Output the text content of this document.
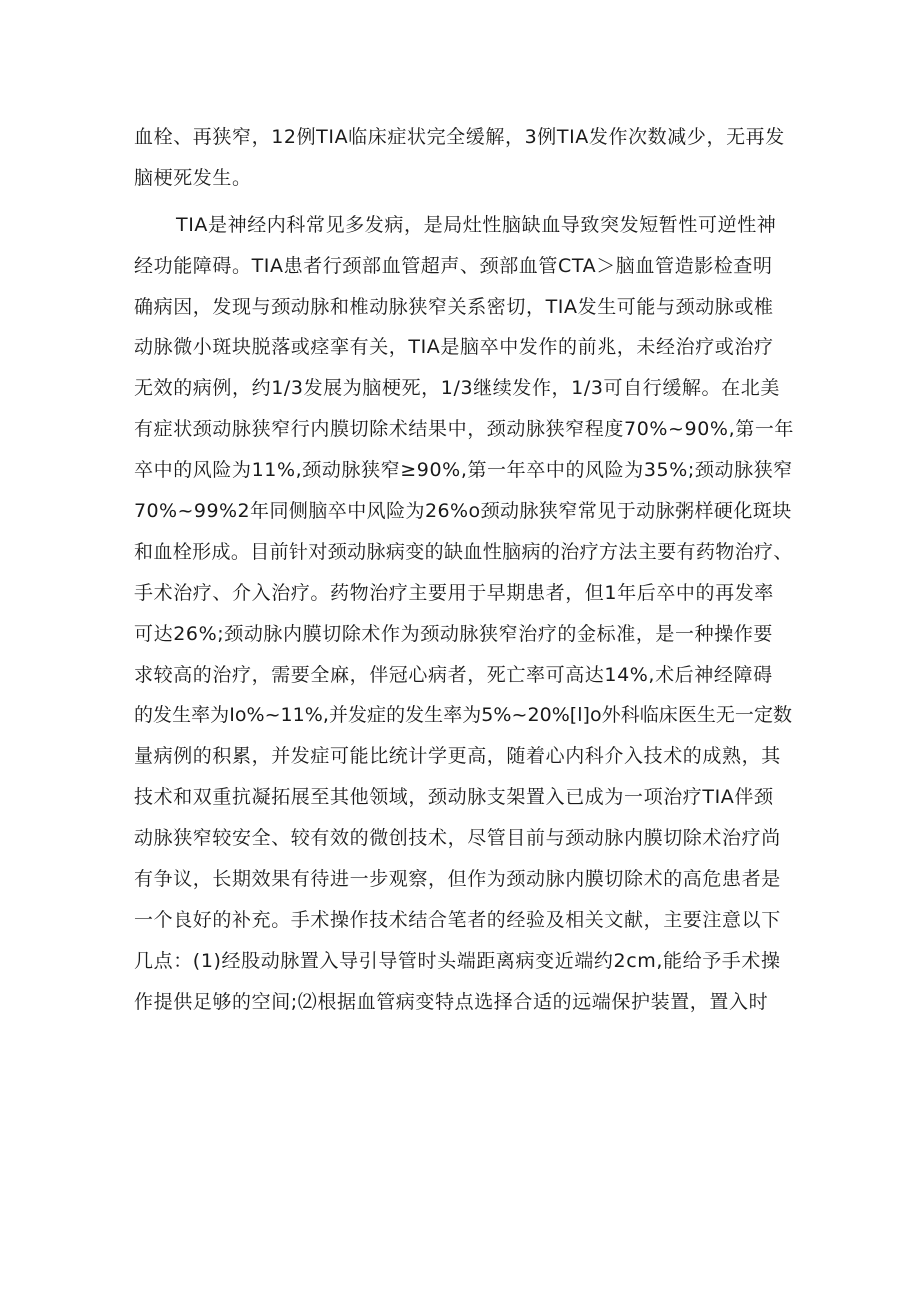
血栓、再狭窄，12例TIA临床症状完全缓解，3例TIA发作次数减少，无再发
脑梗死发生。
TIA是神经内科常见多发病，是局灶性脑缺血导致突发短暂性可逆性神
经功能障碍。TIA患者行颈部血管超声、颈部血管CTA＞脑血管造影检查明
确病因，发现与颈动脉和椎动脉狭窄关系密切，TIA发生可能与颈动脉或椎
动脉微小斑块脱落或痉挛有关，TIA是脑卒中发作的前兆，未经治疗或治疗
无效的病例，约1/3发展为脑梗死，1/3继续发作，1/3可自行缓解。在北美
有症状颈动脉狭窄行内膜切除术结果中，颈动脉狭窄程度70%~90%,第一年
卒中的风险为11%,颈动脉狭窄≥90%,第一年卒中的风险为35%;颈动脉狭窄
70%~99%2年同侧脑卒中风险为26%o颈动脉狭窄常见于动脉粥样硬化斑块
和血栓形成。目前针对颈动脉病变的缺血性脑病的治疗方法主要有药物治疗、
手术治疗、介入治疗。药物治疗主要用于早期患者，但1年后卒中的再发率
可达26%;颈动脉内膜切除术作为颈动脉狭窄治疗的金标准，是一种操作要
求较高的治疗，需要全麻，伴冠心病者，死亡率可高达14%,术后神经障碍
的发生率为Io%~11%,并发症的发生率为5%~20%[l]o外科临床医生无一定数
量病例的积累，并发症可能比统计学更高，随着心内科介入技术的成熟，其
技术和双重抗凝拓展至其他领域，颈动脉支架置入已成为一项治疗TIA伴颈
动脉狭窄较安全、较有效的微创技术，尽管目前与颈动脉内膜切除术治疗尚
有争议，长期效果有待进一步观察，但作为颈动脉内膜切除术的高危患者是
一个良好的补充。手术操作技术结合笔者的经验及相关文献，主要注意以下
几点：(1)经股动脉置入导引导管时头端距离病变近端约2cm,能给予手术操
作提供足够的空间;⑵根据血管病变特点选择合适的远端保护装置，置入时
